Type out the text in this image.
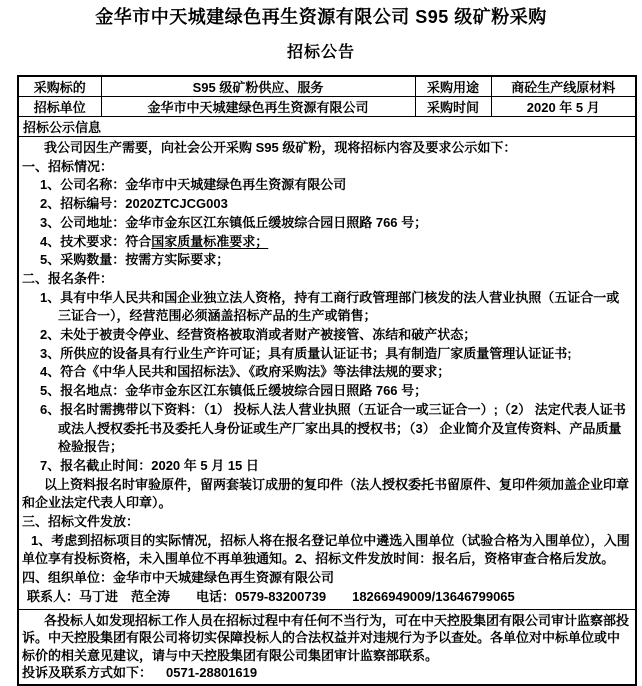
金华市中天城建绿色再生资源有限公司 S95 级矿粉采购
招标公告
采购标的	S95 级矿粉供应、服务	采购用途	商砼生产线原材料
招标单位	金华市中天城建绿色再生资源有限公司	采购时间	2020 年 5 月
招标公示信息			

我公司因生产需要，向社会公开采购 S95 级矿粉，现将招标内容及要求公示如下：

一、招标情况：

1、公司名称：金华市中天城建绿色再生资源有限公司

2、招标编号：2020ZTCJCG003

3、公司地址：金华市金东区江东镇低丘缓坡综合园日照路 766 号；

4、技术要求：符合国家质量标准要求；

5、采购数量：按需方实际要求；

二、报名条件：

1、具有中华人民共和国企业独立法人资格，持有工商行政管理部门核发的法人营业执照（五证合一或三证合一），经营范围必须涵盖招标产品的生产或销售；

2、未处于被责令停业、经营资格被取消或者财产被接管、冻结和破产状态；

3、所供应的设备具有行业生产许可证；具有质量认证证书；具有制造厂家质量管理认证证书;

4、符合《中华人民共和国招标法》、《政府采购法》等法律法规的要求；

5、报名地点：金华市金东区江东镇低丘缓坡综合园日照路 766 号；

6、报名时需携带以下资料：（1） 投标人法人营业执照（五证合一或三证合一）;（2） 法定代表人证书或法人授权委托书及委托人身份证或生产厂家出具的授权书；（3） 企业简介及宣传资料、产品质量检验报告；

7、报名截止时间：2020 年 5 月 15 日

以上资料报名时审验原件，留两套装订成册的复印件（法人授权委托书留原件、复印件须加盖企业印章和企业法定代表人印章）。

三、招标文件发放：

1、考虑到招标项目的实际情况，招标人将在报名登记单位中遴选入围单位（试验合格为入围单位），入围单位享有投标资格，未入围单位不再单独通知。2、招标文件发放时间：报名后，资格审查合格后发放。

四、组织单位：金华市中天城建绿色再生资源有限公司

联系人：马丁进　范全涛　　电话：0579-83200739　　18266949009/13646799065

各投标人如发现招标工作人员在招标过程中有任何不当行为，可在中天控股集团有限公司审计监察部投诉。中天控股集团有限公司将切实保障投标人的合法权益并对违规行为予以查处。各单位对中标单位或中标价的相关意见建议，请与中天控股集团有限公司集团审计监察部联系。

投诉及联系方式如下： 0571-28801619			
